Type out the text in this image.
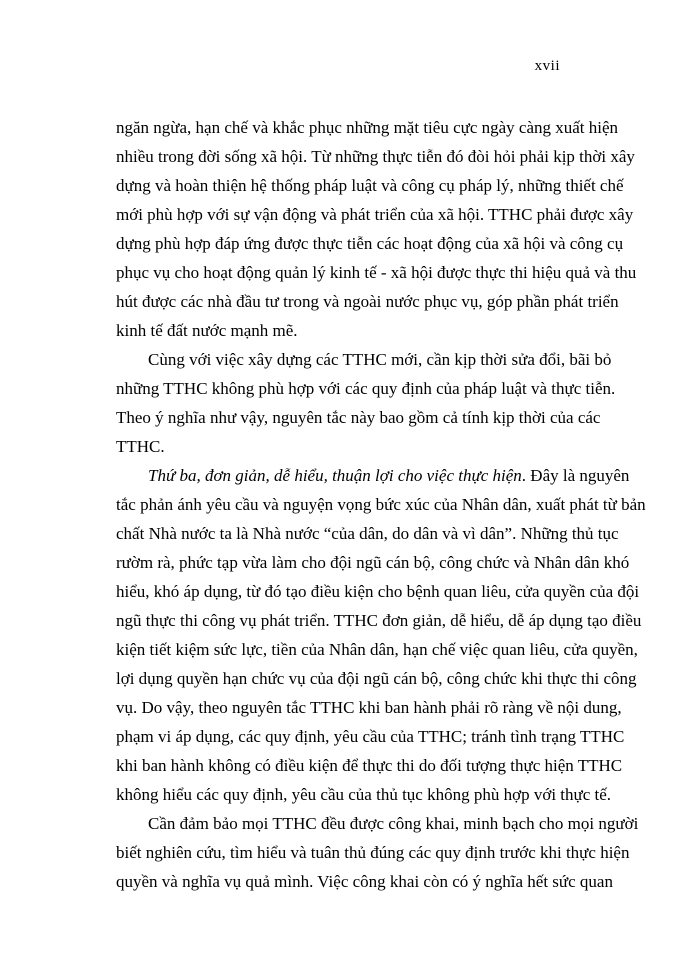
xvii
ngăn ngừa, hạn chế và khắc phục những mặt tiêu cực ngày càng xuất hiện
nhiều trong đời sống xã hội. Từ những thực tiễn đó đòi hỏi phải kịp thời xây
dựng và hoàn thiện hệ thống pháp luật và công cụ pháp lý, những thiết chế
mới phù hợp với sự vận động và phát triển của xã hội. TTHC phải được xây
dựng phù hợp đáp ứng được thực tiễn các hoạt động của xã hội và công cụ
phục vụ cho hoạt động quản lý kinh tế - xã hội được thực thi hiệu quả và thu
hút được các nhà đầu tư trong và ngoài nước phục vụ, góp phần phát triển
kinh tế đất nước mạnh mẽ.
Cùng với việc xây dựng các TTHC mới, cần kịp thời sửa đổi, bãi bỏ
những TTHC không phù hợp với các quy định của pháp luật và thực tiễn.
Theo ý nghĩa như vậy, nguyên tắc này bao gồm cả tính kịp thời của các
TTHC.
Thứ ba, đơn giản, dễ hiểu, thuận lợi cho việc thực hiện. Đây là nguyên
tắc phản ánh yêu cầu và nguyện vọng bức xúc của Nhân dân, xuất phát từ bản
chất Nhà nước ta là Nhà nước “của dân, do dân và vì dân”. Những thủ tục
rườm rà, phức tạp vừa làm cho đội ngũ cán bộ, công chức và Nhân dân khó
hiểu, khó áp dụng, từ đó tạo điều kiện cho bệnh quan liêu, cửa quyền của đội
ngũ thực thi công vụ phát triển. TTHC đơn giản, dễ hiểu, dễ áp dụng tạo điều
kiện tiết kiệm sức lực, tiền của Nhân dân, hạn chế việc quan liêu, cửa quyền,
lợi dụng quyền hạn chức vụ của đội ngũ cán bộ, công chức khi thực thi công
vụ. Do vậy, theo nguyên tắc TTHC khi ban hành phải rõ ràng về nội dung,
phạm vi áp dụng, các quy định, yêu cầu của TTHC; tránh tình trạng TTHC
khi ban hành không có điều kiện để thực thi do đối tượng thực hiện TTHC
không hiểu các quy định, yêu cầu của thủ tục không phù hợp với thực tế.
Cần đảm bảo mọi TTHC đều được công khai, minh bạch cho mọi người
biết nghiên cứu, tìm hiểu và tuân thủ đúng các quy định trước khi thực hiện
quyền và nghĩa vụ quả mình. Việc công khai còn có ý nghĩa hết sức quan
